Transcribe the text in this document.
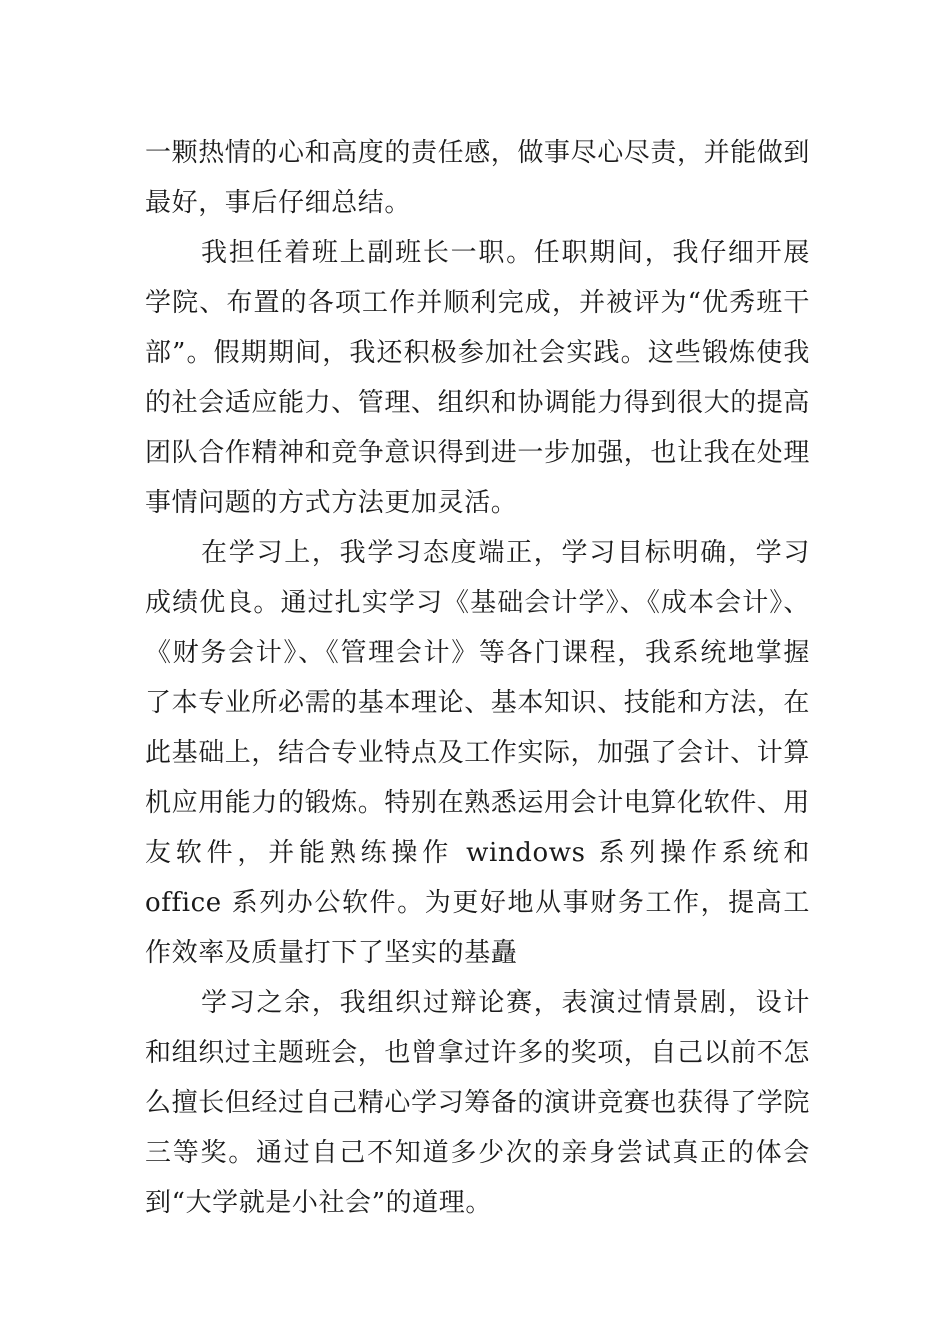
一颗热情的心和高度的责任感，做事尽心尽责，并能做到最好，事后仔细总结。

我担任着班上副班长一职。任职期间，我仔细开展学院、布置的各项工作并顺利完成，并被评为“优秀班干部”。假期期间，我还积极参加社会实践。这些锻炼使我的社会适应能力、管理、组织和协调能力得到很大的提高团队合作精神和竞争意识得到进一步加强，也让我在处理事情问题的方式方法更加灵活。

在学习上，我学习态度端正，学习目标明确，学习成绩优良。通过扎实学习《基础会计学》、《成本会计》、《财务会计》、《管理会计》等各门课程，我系统地掌握了本专业所必需的基本理论、基本知识、技能和方法，在此基础上，结合专业特点及工作实际，加强了会计、计算机应用能力的锻炼。特别在熟悉运用会计电算化软件、用友软件，并能熟练操作 windows 系列操作系统和 office 系列办公软件。为更好地从事财务工作，提高工作效率及质量打下了坚实的基矗

学习之余，我组织过辩论赛，表演过情景剧，设计和组织过主题班会，也曾拿过许多的奖项，自己以前不怎么擅长但经过自己精心学习筹备的演讲竞赛也获得了学院三等奖。通过自己不知道多少次的亲身尝试真正的体会到“大学就是小社会”的道理。
